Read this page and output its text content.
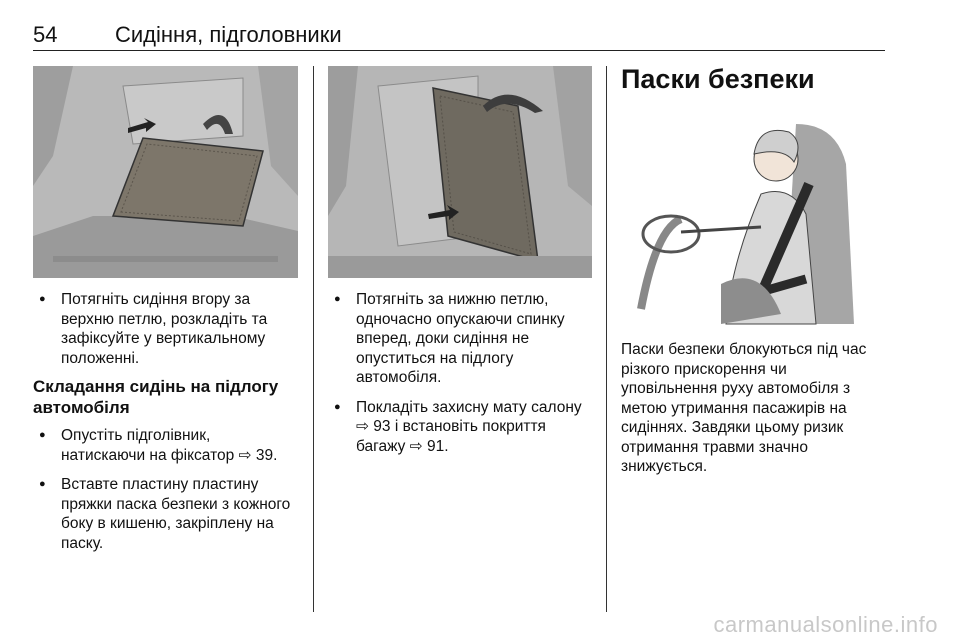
54	Сидіння, підголовники
● Потягніть сидіння вгору за верхню петлю, розкладіть та зафіксуйте у вертикальному положенні.
Складання сидінь на підлогу автомобіля
● Опустіть підголівник, натискаючи на фіксатор ⇨ 39.
● Вставте пластину пластину пряжки паска безпеки з кожного боку в кишеню, закріплену на паску.
● Потягніть за нижню петлю, одночасно опускаючи спинку вперед, доки сидіння не опуститься на підлогу автомобіля.
● Покладіть захисну мату салону ⇨ 93 і встановіть покриття багажу ⇨ 91.
Паски безпеки

Паски безпеки блокуються під час різкого прискорення чи уповільнення руху автомобіля з метою утримання пасажирів на сидіннях. Завдяки цьому ризик отримання травми значно знижується.

carmanualsonline.info
